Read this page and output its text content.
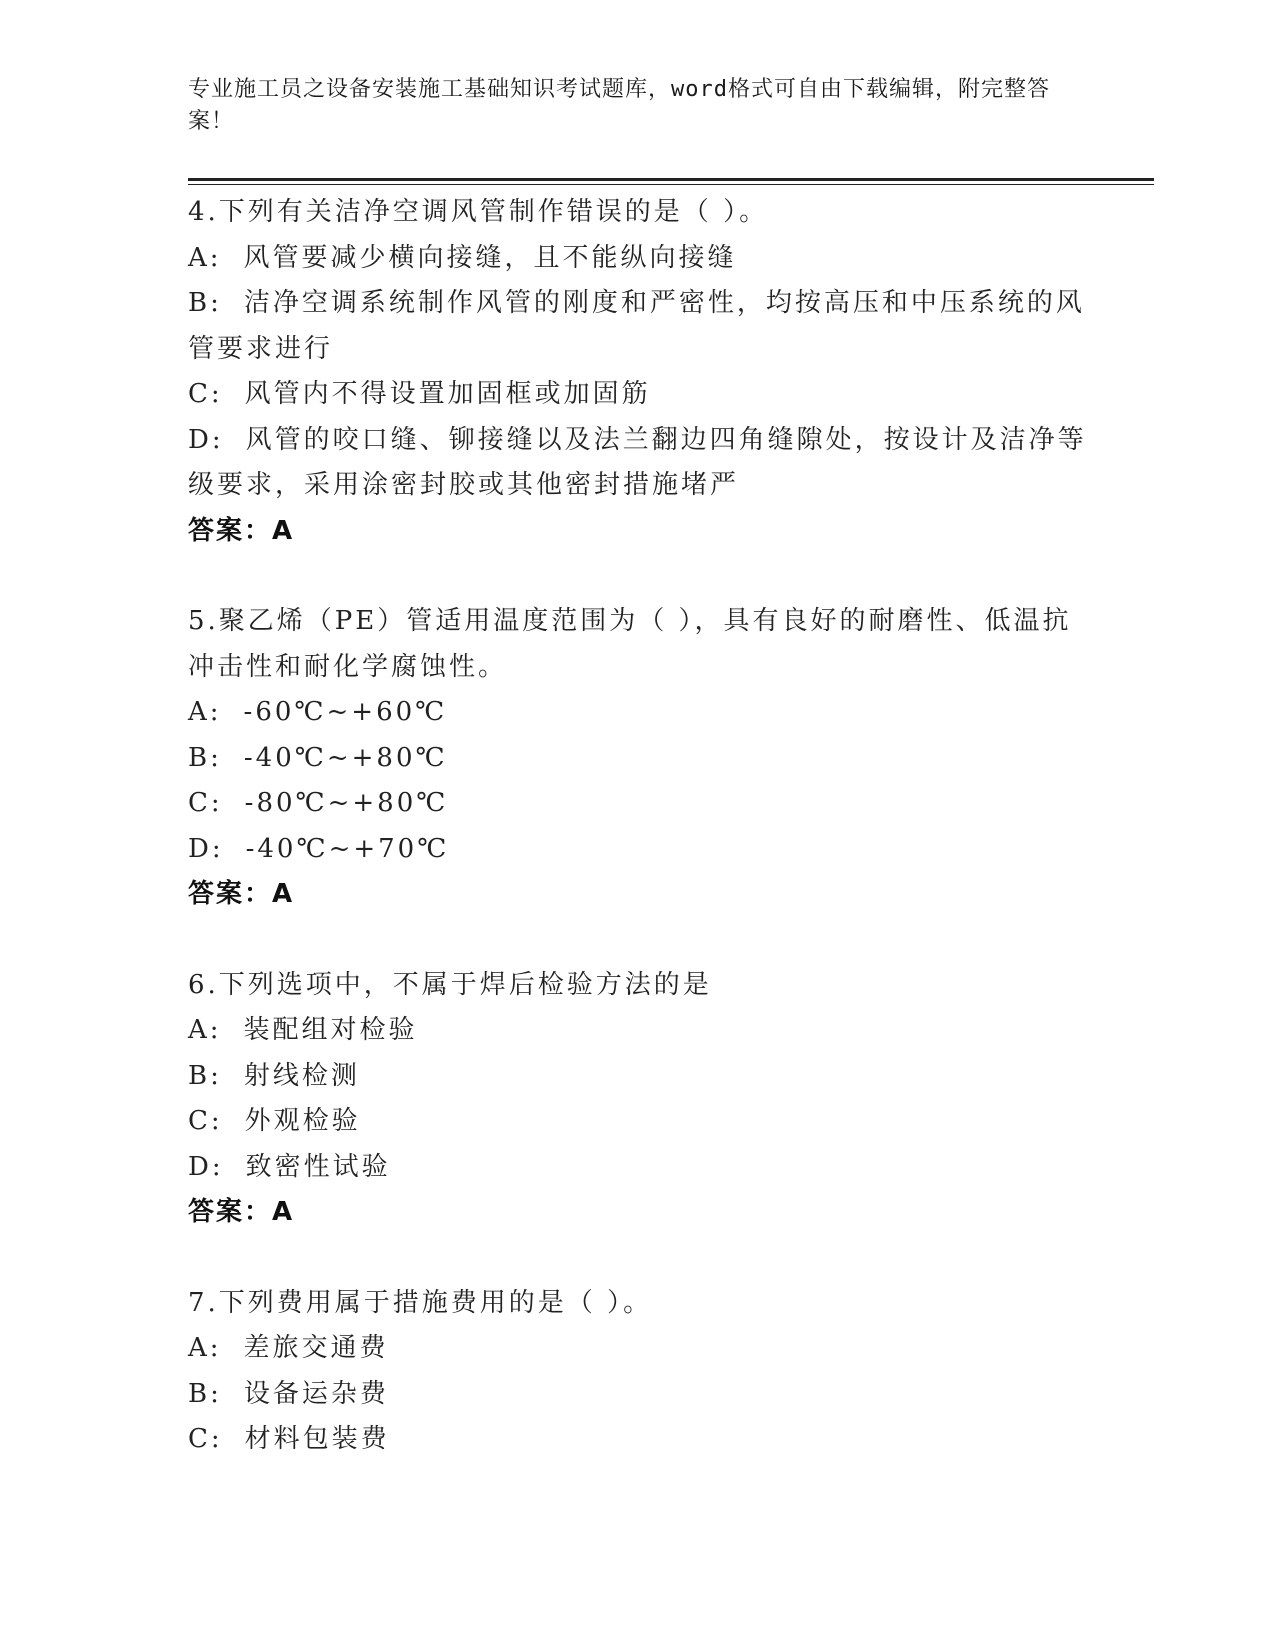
专业施工员之设备安装施工基础知识考试题库，word格式可自由下载编辑，附完整答案！

4.下列有关洁净空调风管制作错误的是（ ）。

A: 风管要减少横向接缝，且不能纵向接缝

B: 洁净空调系统制作风管的刚度和严密性，均按高压和中压系统的风管要求进行

C: 风管内不得设置加固框或加固筋

D: 风管的咬口缝、铆接缝以及法兰翻边四角缝隙处，按设计及洁净等级要求，采用涂密封胶或其他密封措施堵严

答案：A

5.聚乙烯（PE）管适用温度范围为（ ），具有良好的耐磨性、低温抗冲击性和耐化学腐蚀性。

A: -60℃~+60℃

B: -40℃~+80℃

C: -80℃~+80℃

D: -40℃~+70℃

答案：A

6.下列选项中，不属于焊后检验方法的是

A: 装配组对检验

B: 射线检测

C: 外观检验

D: 致密性试验

答案：A

7.下列费用属于措施费用的是（ ）。

A: 差旅交通费

B: 设备运杂费

C: 材料包装费
